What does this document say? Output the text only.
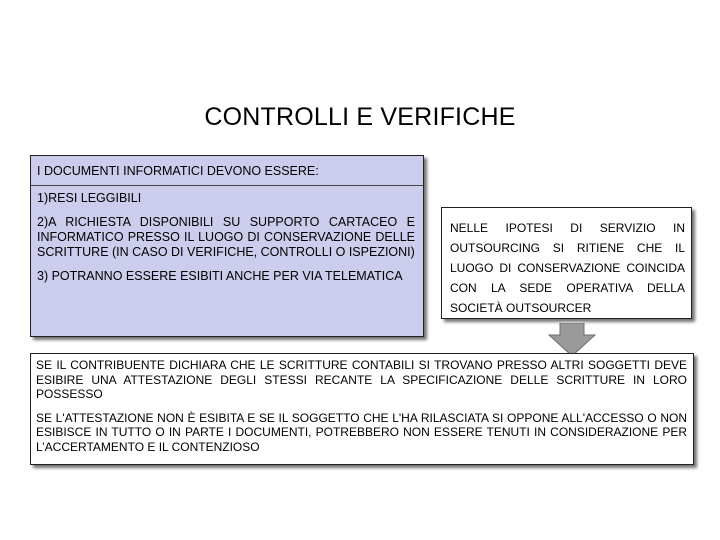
CONTROLLI E VERIFICHE
I DOCUMENTI INFORMATICI DEVONO ESSERE:

1)RESI LEGGIBILI

2)A RICHIESTA DISPONIBILI SU SUPPORTO CARTACEO E INFORMATICO PRESSO IL LUOGO DI CONSERVAZIONE DELLE SCRITTURE (IN CASO DI VERIFICHE, CONTROLLI O ISPEZIONI)

3) POTRANNO ESSERE ESIBITI ANCHE PER VIA TELEMATICA

NELLE IPOTESI DI SERVIZIO IN OUTSOURCING SI RITIENE CHE IL LUOGO DI CONSERVAZIONE COINCIDA CON LA SEDE OPERATIVA DELLA SOCIETÀ OUTSOURCER

SE IL CONTRIBUENTE DICHIARA CHE LE SCRITTURE CONTABILI SI TROVANO PRESSO ALTRI SOGGETTI DEVE ESIBIRE UNA ATTESTAZIONE DEGLI STESSI RECANTE LA SPECIFICAZIONE DELLE SCRITTURE IN LORO POSSESSO

SE L'ATTESTAZIONE NON È ESIBITA E SE IL SOGGETTO CHE L'HA RILASCIATA SI OPPONE ALL'ACCESSO O NON ESIBISCE IN TUTTO O IN PARTE I DOCUMENTI, POTREBBERO NON ESSERE TENUTI IN CONSIDERAZIONE PER L’ACCERTAMENTO E IL CONTENZIOSO
